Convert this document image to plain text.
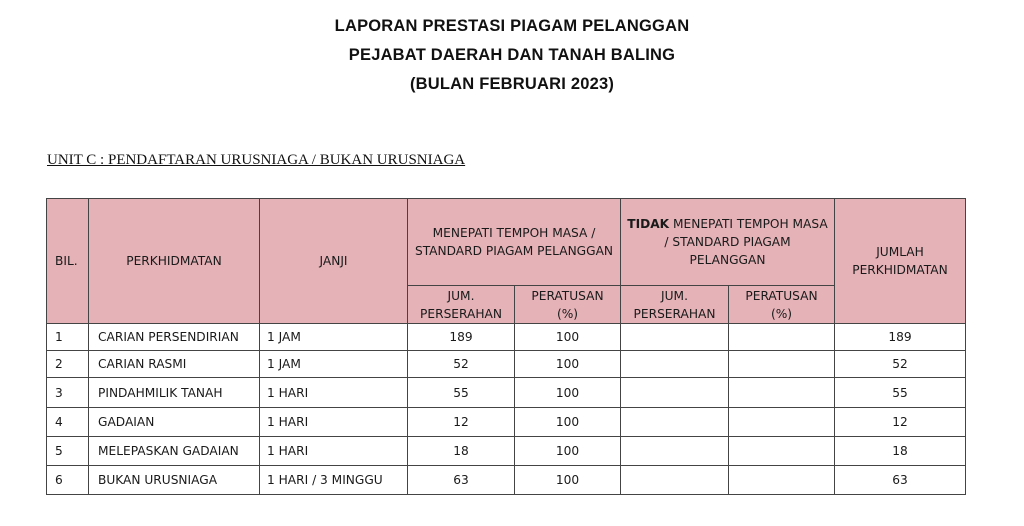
LAPORAN PRESTASI PIAGAM PELANGGAN
PEJABAT DAERAH DAN TANAH BALING
(BULAN FEBRUARI 2023)
UNIT C : PENDAFTARAN URUSNIAGA / BUKAN URUSNIAGA
BIL.	PERKHIDMATAN	JANJI	MENEPATI TEMPOH MASA / STANDARD PIAGAM PELANGGAN		TIDAK MENEPATI TEMPOH MASA / STANDARD PIAGAM PELANGGAN		JUMLAH PERKHIDMATAN
			JUM. PERSERAHAN	PERATUSAN (%)	JUM. PERSERAHAN	PERATUSAN (%)	
1	CARIAN PERSENDIRIAN	1 JAM	189	100			189
2	CARIAN RASMI	1 JAM	52	100			52
3	PINDAHMILIK TANAH	1 HARI	55	100			55
4	GADAIAN	1 HARI	12	100			12
5	MELEPASKAN GADAIAN	1 HARI	18	100			18
6	BUKAN URUSNIAGA	1 HARI / 3 MINGGU	63	100			63
